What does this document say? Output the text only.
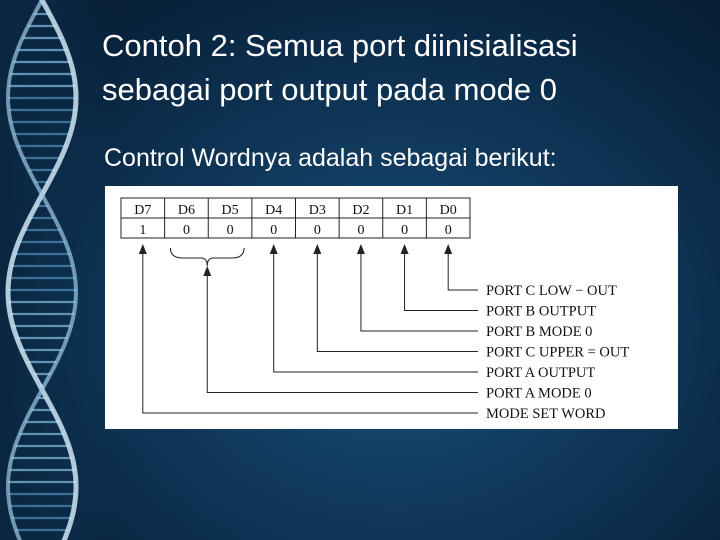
Contoh 2: Semua port diinisialisasi
sebagai port output pada mode 0
Control Wordnya adalah sebagai berikut:
D7
1
D6
0
D5
0
D4
0
D3
0
D2
0
D1
0
D0
0
PORT C LOW − OUT
PORT B OUTPUT
PORT B MODE 0
PORT C UPPER = OUT
PORT A OUTPUT
PORT A MODE 0
MODE SET WORD
